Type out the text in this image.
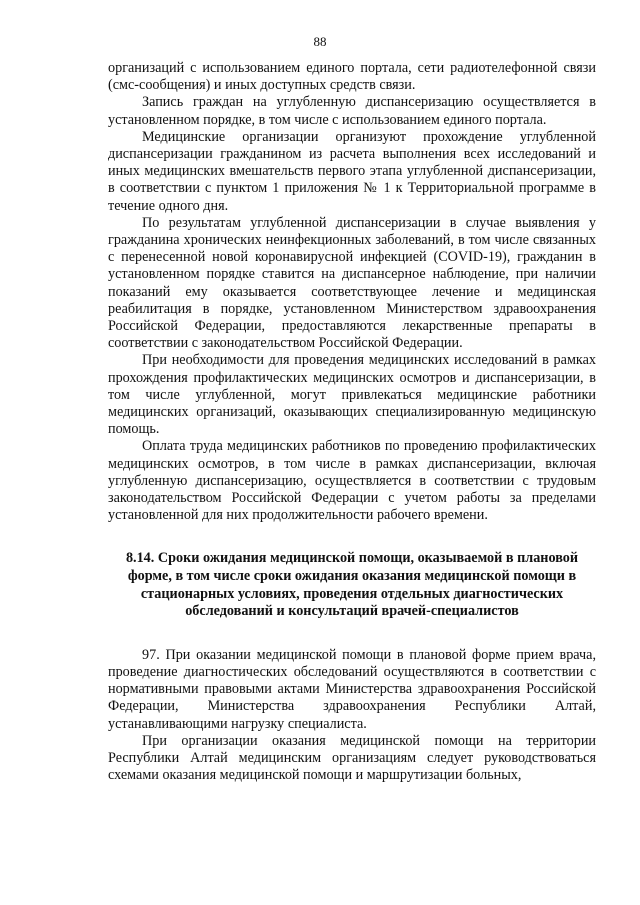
88

организаций с использованием единого портала, сети радиотелефонной связи (смс-сообщения) и иных доступных средств связи.

Запись граждан на углубленную диспансеризацию осуществляется в установленном порядке, в том числе с использованием единого портала.

Медицинские организации организуют прохождение углубленной диспансеризации гражданином из расчета выполнения всех исследований и иных медицинских вмешательств первого этапа углубленной диспансеризации, в соответствии с пунктом 1 приложения № 1 к Территориальной программе в течение одного дня.

По результатам углубленной диспансеризации в случае выявления у гражданина хронических неинфекционных заболеваний, в том числе связанных с перенесенной новой коронавирусной инфекцией (COVID-19), гражданин в установленном порядке ставится на диспансерное наблюдение, при наличии показаний ему оказывается соответствующее лечение и медицинская реабилитация в порядке, установленном Министерством здравоохранения Российской Федерации, предоставляются лекарственные препараты в соответствии с законодательством Российской Федерации.

При необходимости для проведения медицинских исследований в рамках прохождения профилактических медицинских осмотров и диспансеризации, в том числе углубленной, могут привлекаться медицинские работники медицинских организаций, оказывающих специализированную медицинскую помощь.

Оплата труда медицинских работников по проведению профилактических медицинских осмотров, в том числе в рамках диспансеризации, включая углубленную диспансеризацию, осуществляется в соответствии с трудовым законодательством Российской Федерации с учетом работы за пределами установленной для них продолжительности рабочего времени.

8.14. Сроки ожидания медицинской помощи, оказываемой в плановой форме, в том числе сроки ожидания оказания медицинской помощи в стационарных условиях, проведения отдельных диагностических обследований и консультаций врачей-специалистов

97. При оказании медицинской помощи в плановой форме прием врача, проведение диагностических обследований осуществляются в соответствии с нормативными правовыми актами Министерства здравоохранения Российской Федерации, Министерства здравоохранения Республики Алтай, устанавливающими нагрузку специалиста.

При организации оказания медицинской помощи на территории Республики Алтай медицинским организациям следует руководствоваться схемами оказания медицинской помощи и маршрутизации больных,
